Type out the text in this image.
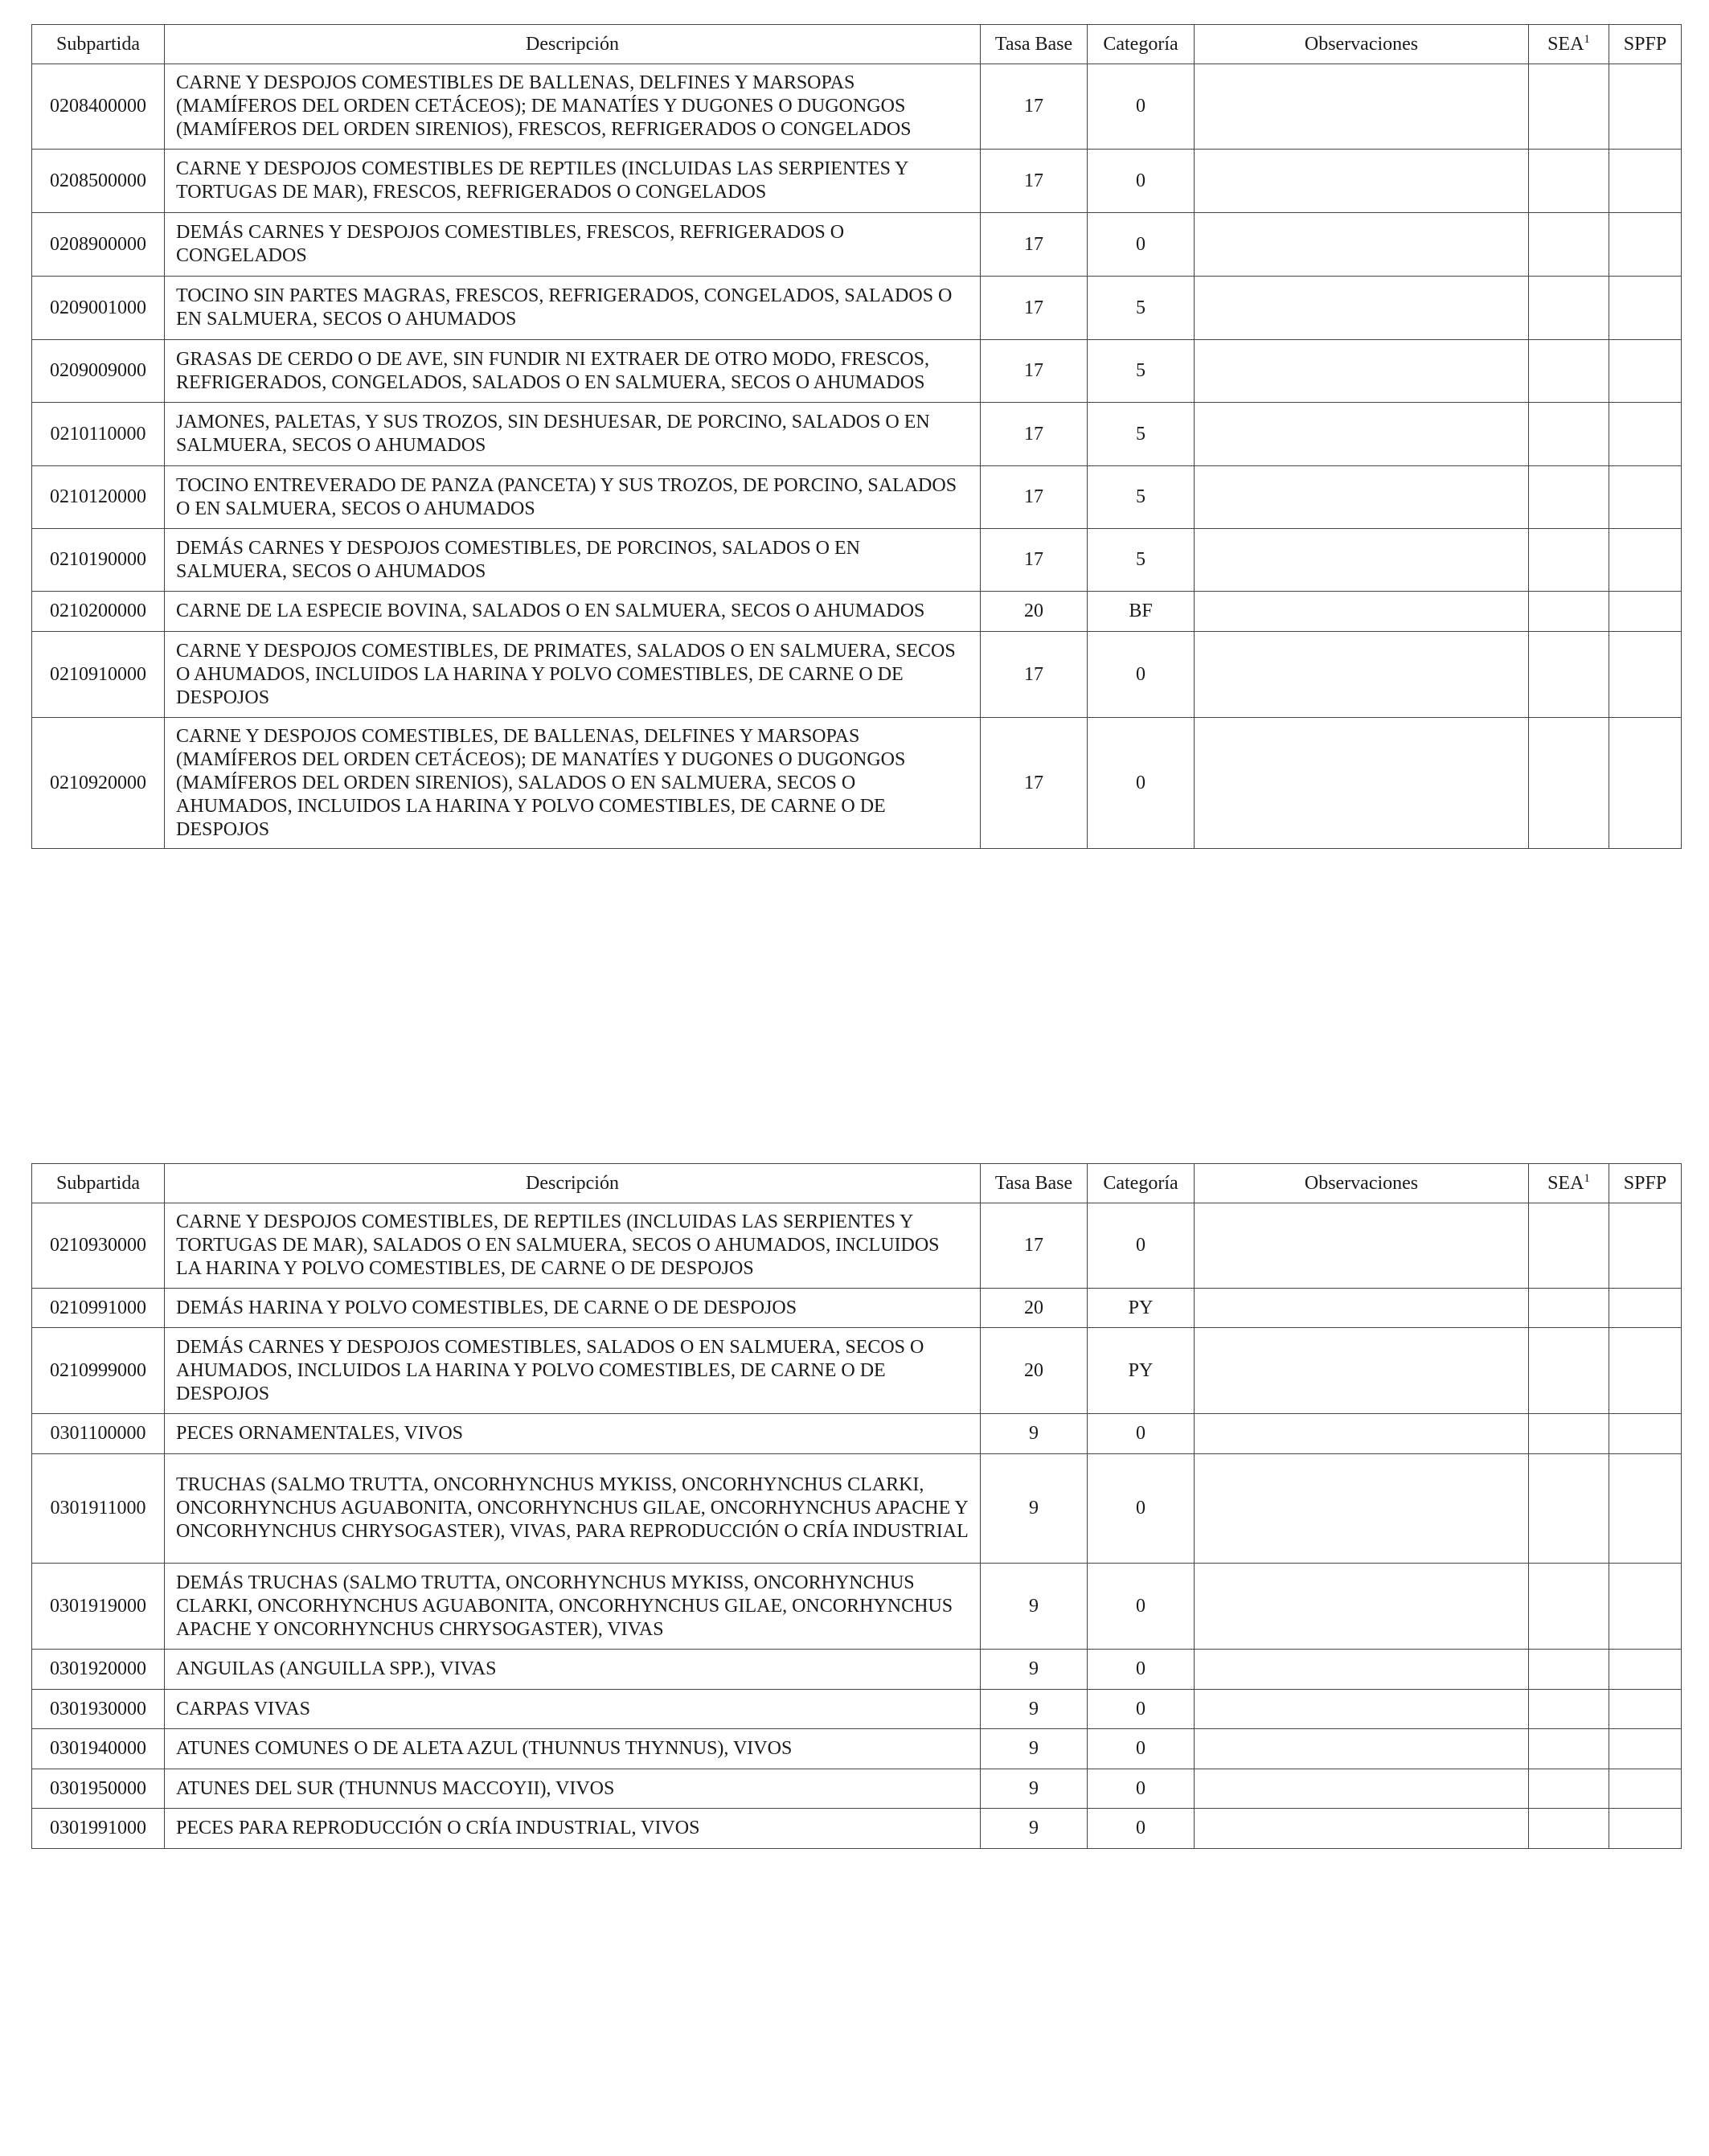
Subpartida	Descripción	Tasa Base	Categoría	Observaciones	SEA$^1$	SPFP
0208400000	CARNE Y DESPOJOS COMESTIBLES DE BALLENAS, DELFINES Y MARSOPAS (MAMÍFEROS DEL ORDEN CETÁCEOS); DE MANATÍES Y DUGONES O DUGONGOS (MAMÍFEROS DEL ORDEN SIRENIOS), FRESCOS, REFRIGERADOS O CONGELADOS	17	0			
0208500000	CARNE Y DESPOJOS COMESTIBLES DE REPTILES (INCLUIDAS LAS SERPIENTES Y TORTUGAS DE MAR), FRESCOS, REFRIGERADOS O CONGELADOS	17	0			
0208900000	DEMÁS CARNES Y DESPOJOS COMESTIBLES, FRESCOS, REFRIGERADOS O CONGELADOS	17	0			
0209001000	TOCINO SIN PARTES MAGRAS, FRESCOS, REFRIGERADOS, CONGELADOS, SALADOS O EN SALMUERA, SECOS O AHUMADOS	17	5			
0209009000	GRASAS DE CERDO O DE AVE, SIN FUNDIR NI EXTRAER DE OTRO MODO, FRESCOS, REFRIGERADOS, CONGELADOS, SALADOS O EN SALMUERA, SECOS O AHUMADOS	17	5			
0210110000	JAMONES, PALETAS, Y SUS TROZOS, SIN DESHUESAR, DE PORCINO, SALADOS O EN SALMUERA, SECOS O AHUMADOS	17	5			
0210120000	TOCINO ENTREVERADO DE PANZA (PANCETA) Y SUS TROZOS, DE PORCINO, SALADOS O EN SALMUERA, SECOS O AHUMADOS	17	5			
0210190000	DEMÁS CARNES Y DESPOJOS COMESTIBLES, DE PORCINOS, SALADOS O EN SALMUERA, SECOS O AHUMADOS	17	5			
0210200000	CARNE DE LA ESPECIE BOVINA, SALADOS O EN SALMUERA, SECOS O AHUMADOS	20	BF			
0210910000	CARNE Y DESPOJOS COMESTIBLES, DE PRIMATES, SALADOS O EN SALMUERA, SECOS O AHUMADOS, INCLUIDOS LA HARINA Y POLVO COMESTIBLES, DE CARNE O DE DESPOJOS	17	0			
0210920000	CARNE Y DESPOJOS COMESTIBLES, DE BALLENAS, DELFINES Y MARSOPAS (MAMÍFEROS DEL ORDEN CETÁCEOS); DE MANATÍES Y DUGONES O DUGONGOS (MAMÍFEROS DEL ORDEN SIRENIOS), SALADOS O EN SALMUERA, SECOS O AHUMADOS, INCLUIDOS LA HARINA Y POLVO COMESTIBLES, DE CARNE O DE DESPOJOS	17	0			
Subpartida	Descripción	Tasa Base	Categoría	Observaciones	SEA$^1$	SPFP
0210930000	CARNE Y DESPOJOS COMESTIBLES, DE REPTILES (INCLUIDAS LAS SERPIENTES Y TORTUGAS DE MAR), SALADOS O EN SALMUERA, SECOS O AHUMADOS, INCLUIDOS LA HARINA Y POLVO COMESTIBLES, DE CARNE O DE DESPOJOS	17	0			
0210991000	DEMÁS HARINA Y POLVO COMESTIBLES, DE CARNE O DE DESPOJOS	20	PY			
0210999000	DEMÁS CARNES Y DESPOJOS COMESTIBLES, SALADOS O EN SALMUERA, SECOS O AHUMADOS, INCLUIDOS LA HARINA Y POLVO COMESTIBLES, DE CARNE O DE DESPOJOS	20	PY			
0301100000	PECES ORNAMENTALES, VIVOS	9	0			
0301911000	TRUCHAS (SALMO TRUTTA, ONCORHYNCHUS MYKISS, ONCORHYNCHUS CLARKI, ONCORHYNCHUS AGUABONITA, ONCORHYNCHUS GILAE, ONCORHYNCHUS APACHE Y ONCORHYNCHUS CHRYSOGASTER), VIVAS, PARA REPRODUCCIÓN O CRÍA INDUSTRIAL	9	0			
0301919000	DEMÁS TRUCHAS (SALMO TRUTTA, ONCORHYNCHUS MYKISS, ONCORHYNCHUS CLARKI, ONCORHYNCHUS AGUABONITA, ONCORHYNCHUS GILAE, ONCORHYNCHUS APACHE Y ONCORHYNCHUS CHRYSOGASTER), VIVAS	9	0			
0301920000	ANGUILAS (ANGUILLA SPP.), VIVAS	9	0			
0301930000	CARPAS VIVAS	9	0			
0301940000	ATUNES COMUNES O DE ALETA AZUL (THUNNUS THYNNUS), VIVOS	9	0			
0301950000	ATUNES DEL SUR (THUNNUS MACCOYII), VIVOS	9	0			
0301991000	PECES PARA REPRODUCCIÓN O CRÍA INDUSTRIAL, VIVOS	9	0			
